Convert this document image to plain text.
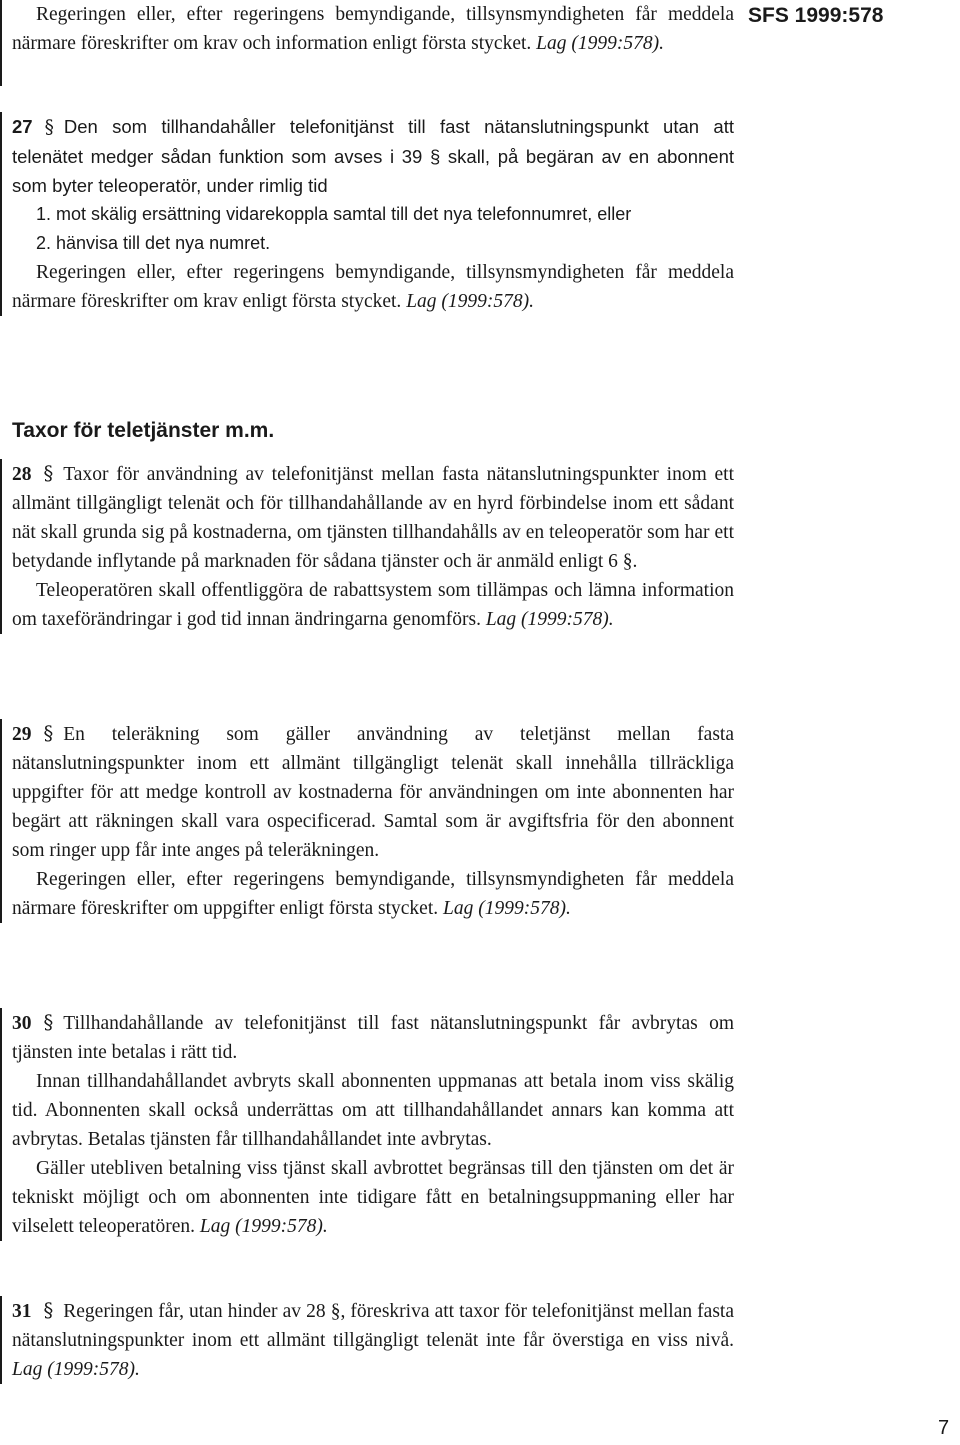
SFS 1999:578

Regeringen eller, efter regeringens bemyndigande, tillsynsmyndigheten får meddela närmare föreskrifter om krav och information enligt första stycket. Lag (1999:578).

27 § Den som tillhandahåller telefonitjänst till fast nätanslutningspunkt utan att telenätet medger sådan funktion som avses i 39 § skall, på begäran av en abonnent som byter teleoperatör, under rimlig tid

1. mot skälig ersättning vidarekoppla samtal till det nya telefonnumret, eller

2. hänvisa till det nya numret.

Regeringen eller, efter regeringens bemyndigande, tillsynsmyndigheten får meddela närmare föreskrifter om krav enligt första stycket. Lag (1999:578).

Taxor för teletjänster m.m.

28 § Taxor för användning av telefonitjänst mellan fasta nätanslutningspunkter inom ett allmänt tillgängligt telenät och för tillhandahållande av en hyrd förbindelse inom ett sådant nät skall grunda sig på kostnaderna, om tjänsten tillhandahålls av en teleoperatör som har ett betydande inflytande på marknaden för sådana tjänster och är anmäld enligt 6 §.

Teleoperatören skall offentliggöra de rabattsystem som tillämpas och lämna information om taxeförändringar i god tid innan ändringarna genomförs. Lag (1999:578).

29 § En teleräkning som gäller användning av teletjänst mellan fasta nätanslutningspunkter inom ett allmänt tillgängligt telenät skall innehålla tillräckliga uppgifter för att medge kontroll av kostnaderna för användningen om inte abonnenten har begärt att räkningen skall vara ospecificerad. Samtal som är avgiftsfria för den abonnent som ringer upp får inte anges på teleräkningen.

Regeringen eller, efter regeringens bemyndigande, tillsynsmyndigheten får meddela närmare föreskrifter om uppgifter enligt första stycket. Lag (1999:578).

30 § Tillhandahållande av telefonitjänst till fast nätanslutningspunkt får avbrytas om tjänsten inte betalas i rätt tid.

Innan tillhandahållandet avbryts skall abonnenten uppmanas att betala inom viss skälig tid. Abonnenten skall också underrättas om att tillhandahållandet annars kan komma att avbrytas. Betalas tjänsten får tillhandahållandet inte avbrytas.

Gäller utebliven betalning viss tjänst skall avbrottet begränsas till den tjänsten om det är tekniskt möjligt och om abonnenten inte tidigare fått en betalningsuppmaning eller har vilselett teleoperatören. Lag (1999:578).

31 § Regeringen får, utan hinder av 28 §, föreskriva att taxor för telefonitjänst mellan fasta nätanslutningspunkter inom ett allmänt tillgängligt telenät inte får överstiga en viss nivå. Lag (1999:578).

7
